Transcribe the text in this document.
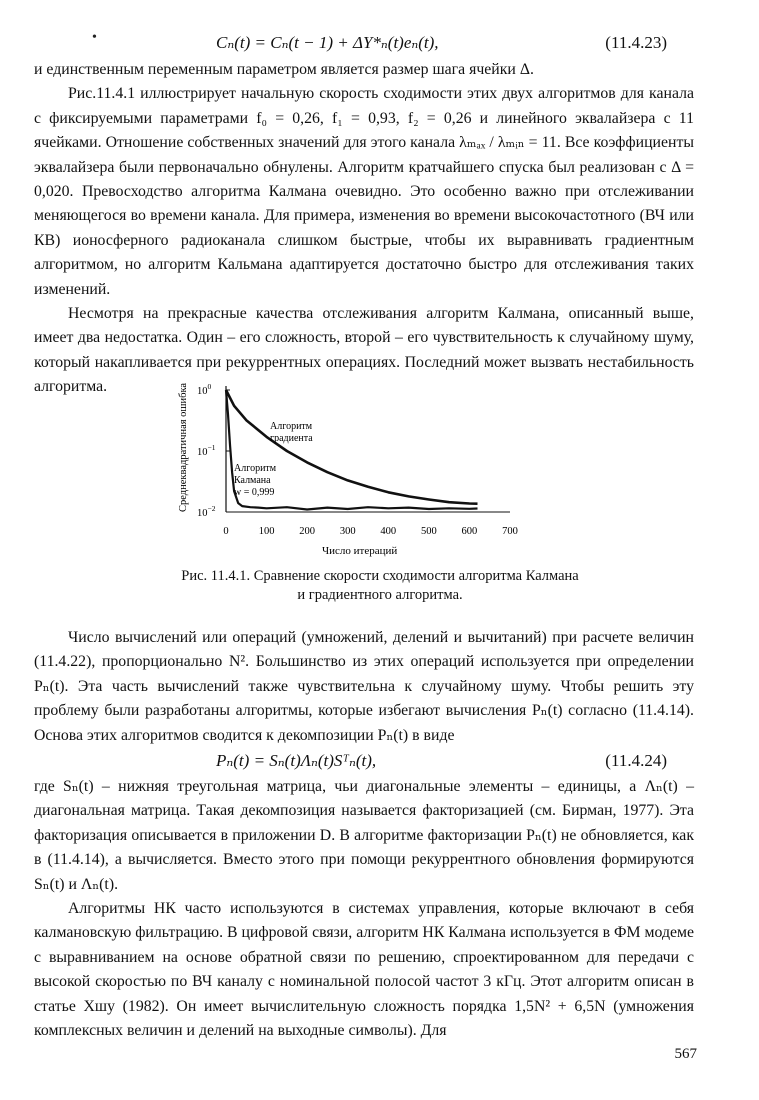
•	Cₙ(t) = Cₙ(t − 1) + ΔY*ₙ(t)eₙ(t),	(11.4.23)

и единственным переменным параметром является размер шага ячейки Δ.

Рис.11.4.1 иллюстрирует начальную скорость сходимости этих двух алгоритмов для канала с фиксируемыми параметрами f₀ = 0,26, f₁ = 0,93, f₂ = 0,26 и линейного эквалайзера с 11 ячейками. Отношение собственных значений для этого канала λₘₐₓ / λₘᵢₙ = 11. Все коэффициенты эквалайзера были первоначально обнулены. Алгоритм кратчайшего спуска был реализован с Δ = 0,020. Превосходство алгоритма Калмана очевидно. Это особенно важно при отслеживании меняющегося во времени канала. Для примера, изменения во времени высокочастотного (ВЧ или КВ) ионосферного радиоканала слишком быстрые, чтобы их выравнивать градиентным алгоритмом, но алгоритм Кальмана адаптируется достаточно быстро для отслеживания таких изменений.

Несмотря на прекрасные качества отслеживания алгоритм Калмана, описанный выше, имеет два недостатка. Один – его сложность, второй – его чувствительность к случайному шуму, который накапливается при рекуррентных операциях. Последний может вызвать нестабильность алгоритма.	Среднеквадратичная ошибка $10^0$
$10^{-1}$
$10^{-2}$
0	100 200 300 400 500 600 700
Алгоритм градиента
Алгоритм Калмана w = 0,999
Число итераций
Рис. 11.4.1. Сравнение скорости сходимости алгоритма Калмана
и градиентного алгоритма.
Число вычислений или операций (умножений, делений и вычитаний) при расчете величин (11.4.22), пропорционально N². Большинство из этих операций используется при определении Pₙ(t). Эта часть вычислений также чувствительна к случайному шуму. Чтобы решить эту проблему были разработаны алгоритмы, которые избегают вычисления Pₙ(t) согласно (11.4.14). Основа этих алгоритмов сводится к декомпозиции Pₙ(t) в виде
Pₙ(t) = Sₙ(t)Λₙ(t)Sᵀₙ(t),	(11.4.24)
где Sₙ(t) – нижняя треугольная матрица, чьи диагональные элементы – единицы, а Λₙ(t) – диагональная матрица. Такая декомпозиция называется факторизацией (см. Бирман, 1977). Эта факторизация описывается в приложении D. В алгоритме факторизации Pₙ(t) не обновляется, как в (11.4.14), а вычисляется. Вместо этого при помощи рекуррентного обновления формируются Sₙ(t) и Λₙ(t).
Алгоритмы НК часто используются в системах управления, которые включают в себя калмановскую фильтрацию. В цифровой связи, алгоритм НК Калмана используется в ФМ модеме с выравниванием на основе обратной связи по решению, спроектированном для передачи с высокой скоростью по ВЧ каналу с номинальной полосой частот 3 кГц. Этот алгоритм описан в статье Хшу (1982). Он имеет вычислительную сложность порядка 1,5N² + 6,5N (умножения комплексных величин и делений на выходные символы). Для
567
